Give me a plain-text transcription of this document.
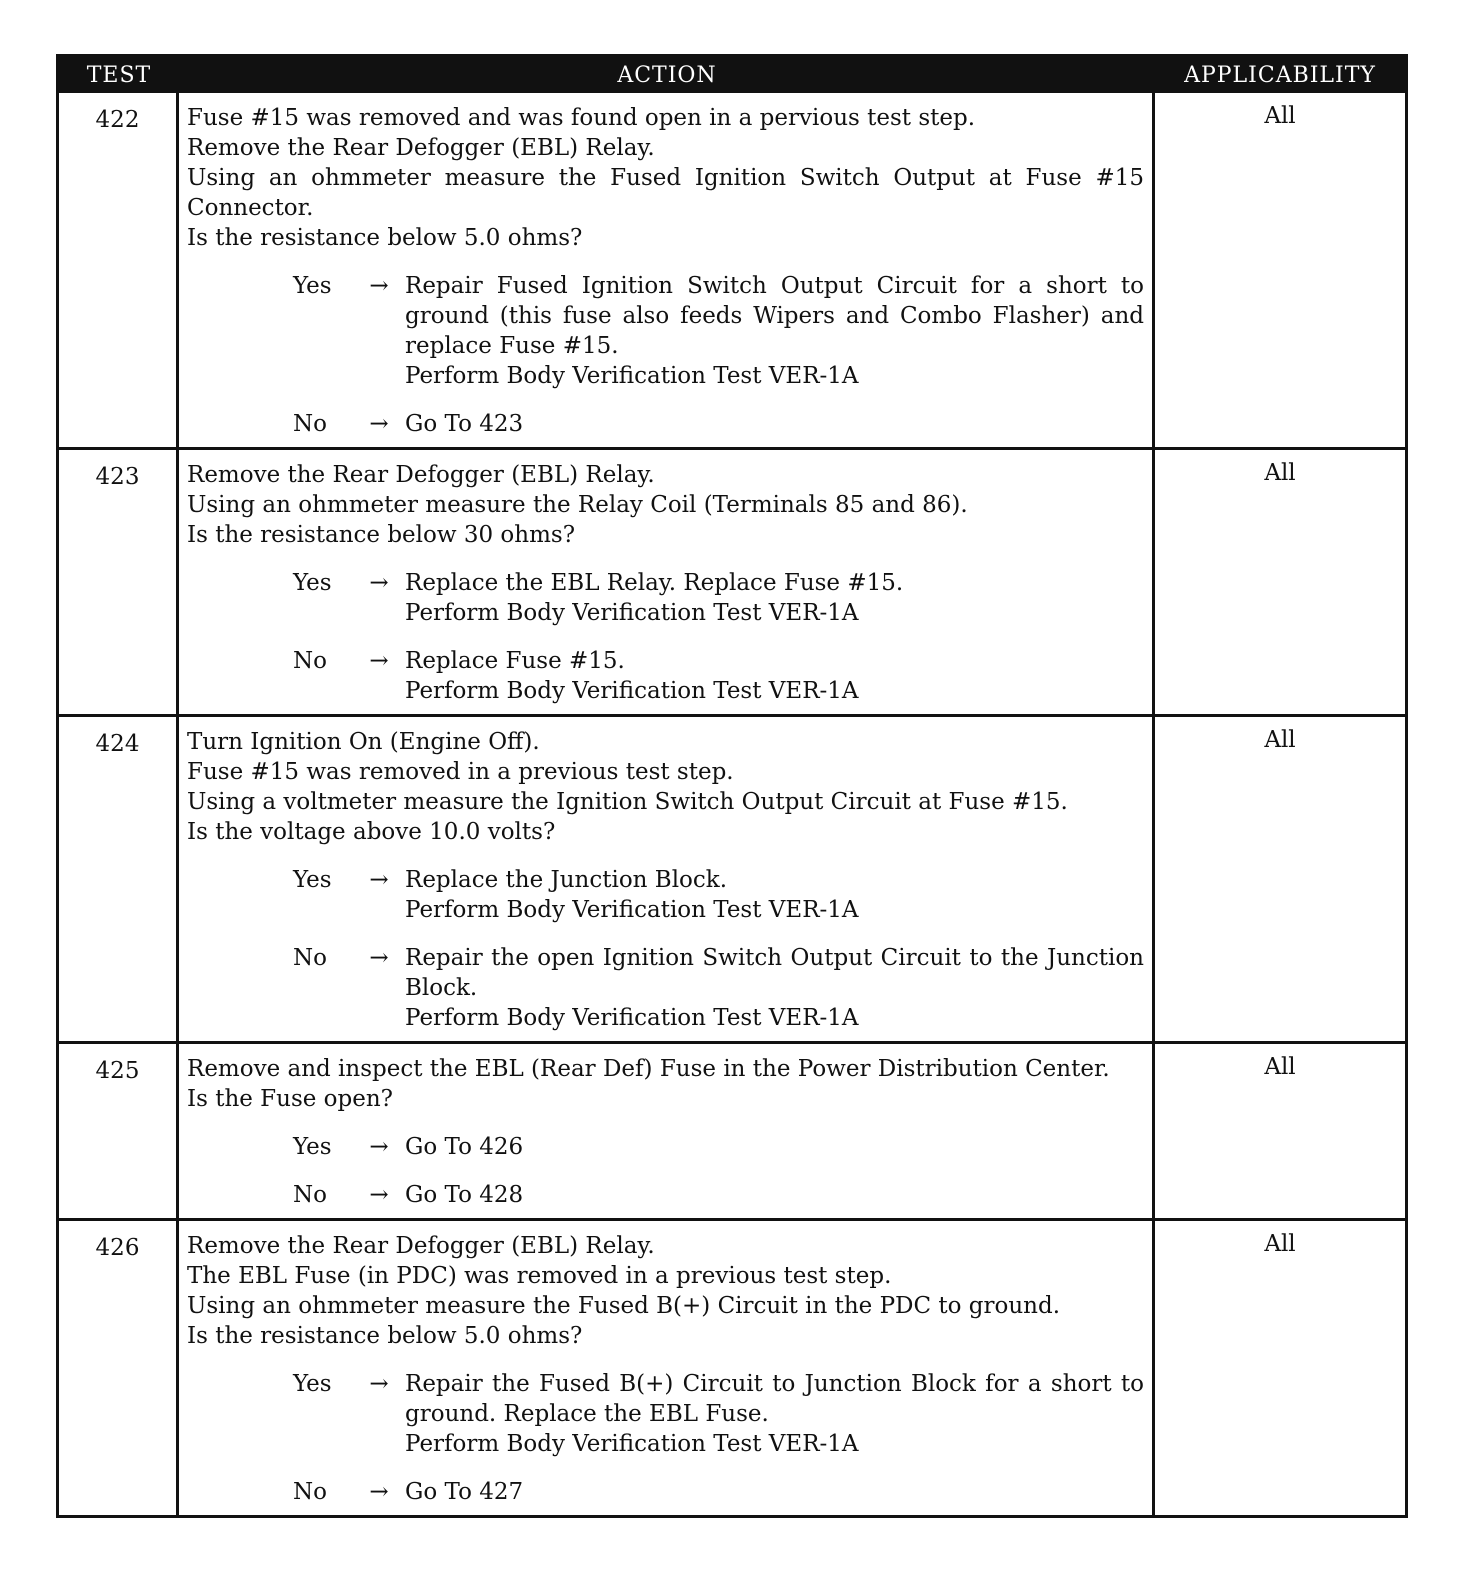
TEST	ACTION	APPLICABILITY
422	Fuse #15 was removed and was found open in a pervious test step.
Remove the Rear Defogger (EBL) Relay.
Using an ohmmeter measure the Fused Ignition Switch Output at Fuse #15 Connector.
Is the resistance below 5.0 ohms?
Yes	→ Repair Fused Ignition Switch Output Circuit for a short to ground (this fuse also feeds Wipers and Combo Flasher) and replace Fuse #15.
Perform Body Verification Test VER-1A
No	→ Go To 423
All
423	Remove the Rear Defogger (EBL) Relay.
Using an ohmmeter measure the Relay Coil (Terminals 85 and 86).
Is the resistance below 30 ohms?
Yes	→ Replace the EBL Relay. Replace Fuse #15.
Perform Body Verification Test VER-1A
No	→ Replace Fuse #15.
Perform Body Verification Test VER-1A
All
424	Turn Ignition On (Engine Off).
Fuse #15 was removed in a previous test step.
Using a voltmeter measure the Ignition Switch Output Circuit at Fuse #15.
Is the voltage above 10.0 volts?
Yes	→ Replace the Junction Block.
Perform Body Verification Test VER-1A
No	→ Repair the open Ignition Switch Output Circuit to the Junction Block.
Perform Body Verification Test VER-1A
All
425	Remove and inspect the EBL (Rear Def) Fuse in the Power Distribution Center.
Is the Fuse open?
Yes	→ Go To 426
No	→ Go To 428
All
426	Remove the Rear Defogger (EBL) Relay.
The EBL Fuse (in PDC) was removed in a previous test step.
Using an ohmmeter measure the Fused B(+) Circuit in the PDC to ground.
Is the resistance below 5.0 ohms?
Yes	→ Repair the Fused B(+) Circuit to Junction Block for a short to ground. Replace the EBL Fuse.
Perform Body Verification Test VER-1A
No	→ Go To 427
All
